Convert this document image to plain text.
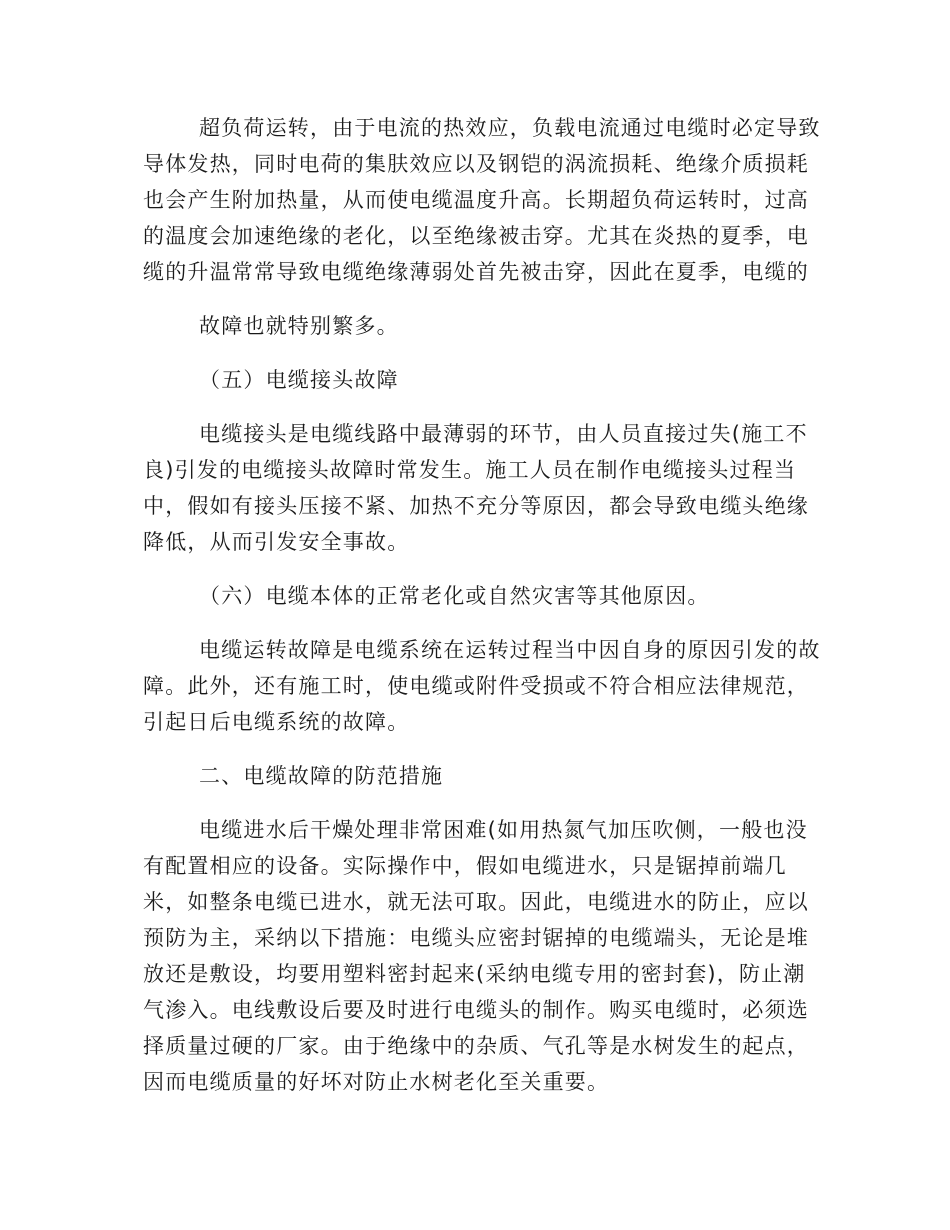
超负荷运转，由于电流的热效应，负载电流通过电缆时必定导致
导体发热，同时电荷的集肤效应以及钢铠的涡流损耗、绝缘介质损耗
也会产生附加热量，从而使电缆温度升高。长期超负荷运转时，过高
的温度会加速绝缘的老化，以至绝缘被击穿。尤其在炎热的夏季，电
缆的升温常常导致电缆绝缘薄弱处首先被击穿，因此在夏季，电缆的
故障也就特别繁多。
（五）电缆接头故障
电缆接头是电缆线路中最薄弱的环节，由人员直接过失(施工不
良)引发的电缆接头故障时常发生。施工人员在制作电缆接头过程当
中，假如有接头压接不紧、加热不充分等原因，都会导致电缆头绝缘
降低，从而引发安全事故。
（六）电缆本体的正常老化或自然灾害等其他原因。
电缆运转故障是电缆系统在运转过程当中因自身的原因引发的故
障。此外，还有施工时，使电缆或附件受损或不符合相应法律规范，
引起日后电缆系统的故障。
二、电缆故障的防范措施
电缆进水后干燥处理非常困难(如用热氮气加压吹侧，一般也没
有配置相应的设备。实际操作中，假如电缆进水，只是锯掉前端几
米，如整条电缆已进水，就无法可取。因此，电缆进水的防止，应以
预防为主，采纳以下措施：电缆头应密封锯掉的电缆端头，无论是堆
放还是敷设，均要用塑料密封起来(采纳电缆专用的密封套)，防止潮
气渗入。电线敷设后要及时进行电缆头的制作。购买电缆时，必须选
择质量过硬的厂家。由于绝缘中的杂质、气孔等是水树发生的起点，
因而电缆质量的好坏对防止水树老化至关重要。
